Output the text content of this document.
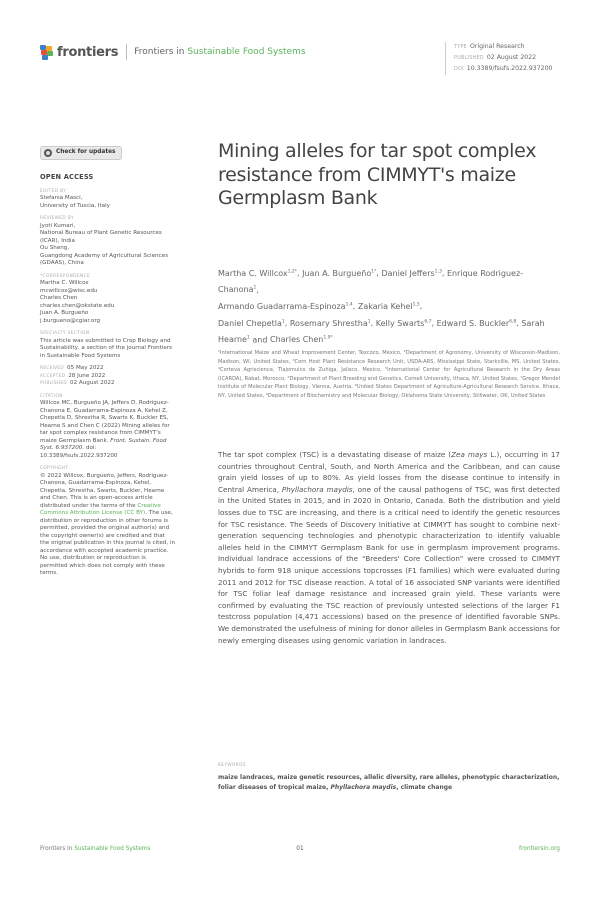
frontiers Frontiers in Sustainable Food Systems	TYPE Original Research
PUBLISHED 02 August 2022
DOI 10.3389/fsufs.2022.937200
Check for updates
OPEN ACCESS
EDITED BY
Stefania Masci,
University of Tuscia, Italy
REVIEWED BY
Jyoti Kumari,
National Bureau of Plant Genetic Resources (ICAR), India
Ou Sheng,
Guangdong Academy of Agricultural Sciences (GDAAS), China
*CORRESPONDENCE
Martha C. Willcox
mcwillcox@wisc.edu
Charles Chen
charles.chen@okstate.edu
Juan A. Burgueño
j.burgueno@cgiar.org
SPECIALTY SECTION
This article was submitted to Crop Biology and Sustainability, a section of the journal Frontiers in Sustainable Food Systems
RECEIVED 05 May 2022
ACCEPTED 28 June 2022
PUBLISHED 02 August 2022
CITATION
Willcox MC, Burgueño JA, Jeffers D, Rodriguez-Chanona E, Guadarrama-Espinoza A, Kehel Z, Chepetla D, Shrestha R, Swarts K, Buckler ES, Hearne S and Chen C (2022) Mining alleles for tar spot complex resistance from CIMMYT's maize Germplasm Bank. Front. Sustain. Food Syst. 6:937200. doi: 10.3389/fsufs.2022.937200
COPYRIGHT
© 2022 Willcox, Burgueño, Jeffers, Rodriguez-Chanona, Guadarrama-Espinoza, Kehel, Chepetla, Shrestha, Swarts, Buckler, Hearne and Chen. This is an open-access article distributed under the terms of the Creative Commons Attribution License (CC BY). The use, distribution or reproduction in other forums is permitted, provided the original author(s) and the copyright owner(s) are credited and that the original publication in this journal is cited, in accordance with accepted academic practice. No use, distribution or reproduction is permitted which does not comply with these terms.
Mining alleles for tar spot complex resistance from CIMMYT's maize Germplasm Bank
Martha C. Willcox$^{1,2*}$, Juan A. Burgueño$^{1*}$, Daniel Jeffers$^{1,3}$, Enrique Rodriguez-Chanona$^1$,
Armando Guadarrama-Espinoza$^{1,4}$, Zakaria Kehel$^{1,5}$,
Daniel Chepetla$^1$, Rosemary Shrestha$^1$, Kelly Swarts$^{6,7}$, Edward S. Buckler$^{6,8}$, Sarah Hearne$^1$ and Charles Chen$^{1,9*}$
¹International Maize and Wheat Improvement Center, Texcoco, Mexico, ²Department of Agronomy, University of Wisconsin-Madison, Madison, WI, United States, ³Corn Host Plant Resistance Research Unit, USDA-ARS, Mississippi State, Starkville, MS, United States, ⁴Corteva Agriscience, Tlajomulco de Zuñiga, Jalisco, Mexico, ⁵International Center for Agricultural Research in the Dry Areas (ICARDA), Rabat, Morocco, ⁶Department of Plant Breeding and Genetics, Cornell University, Ithaca, NY, United States, ⁷Gregor Mendel Institute of Molecular Plant Biology, Vienna, Austria, ⁸United States Department of Agriculture-Agricultural Research Service, Ithaca, NY, United States, ⁹Department of Biochemistry and Molecular Biology, Oklahoma State University, Stillwater, OK, United States
The tar spot complex (TSC) is a devastating disease of maize (Zea mays L.), occurring in 17 countries throughout Central, South, and North America and the Caribbean, and can cause grain yield losses of up to 80%. As yield losses from the disease continue to intensify in Central America, Phyllachora maydis, one of the causal pathogens of TSC, was first detected in the United States in 2015, and in 2020 in Ontario, Canada. Both the distribution and yield losses due to TSC are increasing, and there is a critical need to identify the genetic resources for TSC resistance. The Seeds of Discovery Initiative at CIMMYT has sought to combine next-generation sequencing technologies and phenotypic characterization to identify valuable alleles held in the CIMMYT Germplasm Bank for use in germplasm improvement programs. Individual landrace accessions of the "Breeders' Core Collection" were crossed to CIMMYT hybrids to form 918 unique accessions topcrosses (F1 families) which were evaluated during 2011 and 2012 for TSC disease reaction. A total of 16 associated SNP variants were identified for TSC foliar leaf damage resistance and increased grain yield. These variants were confirmed by evaluating the TSC reaction of previously untested selections of the larger F1 testcross population (4,471 accessions) based on the presence of identified favorable SNPs. We demonstrated the usefulness of mining for donor alleles in Germplasm Bank accessions for newly emerging diseases using genomic variation in landraces.
KEYWORDS
maize landraces, maize genetic resources, allelic diversity, rare alleles, phenotypic characterization, foliar diseases of tropical maize, Phyllachora maydis, climate change
Frontiers in Sustainable Food Systems	01	frontiersin.org
